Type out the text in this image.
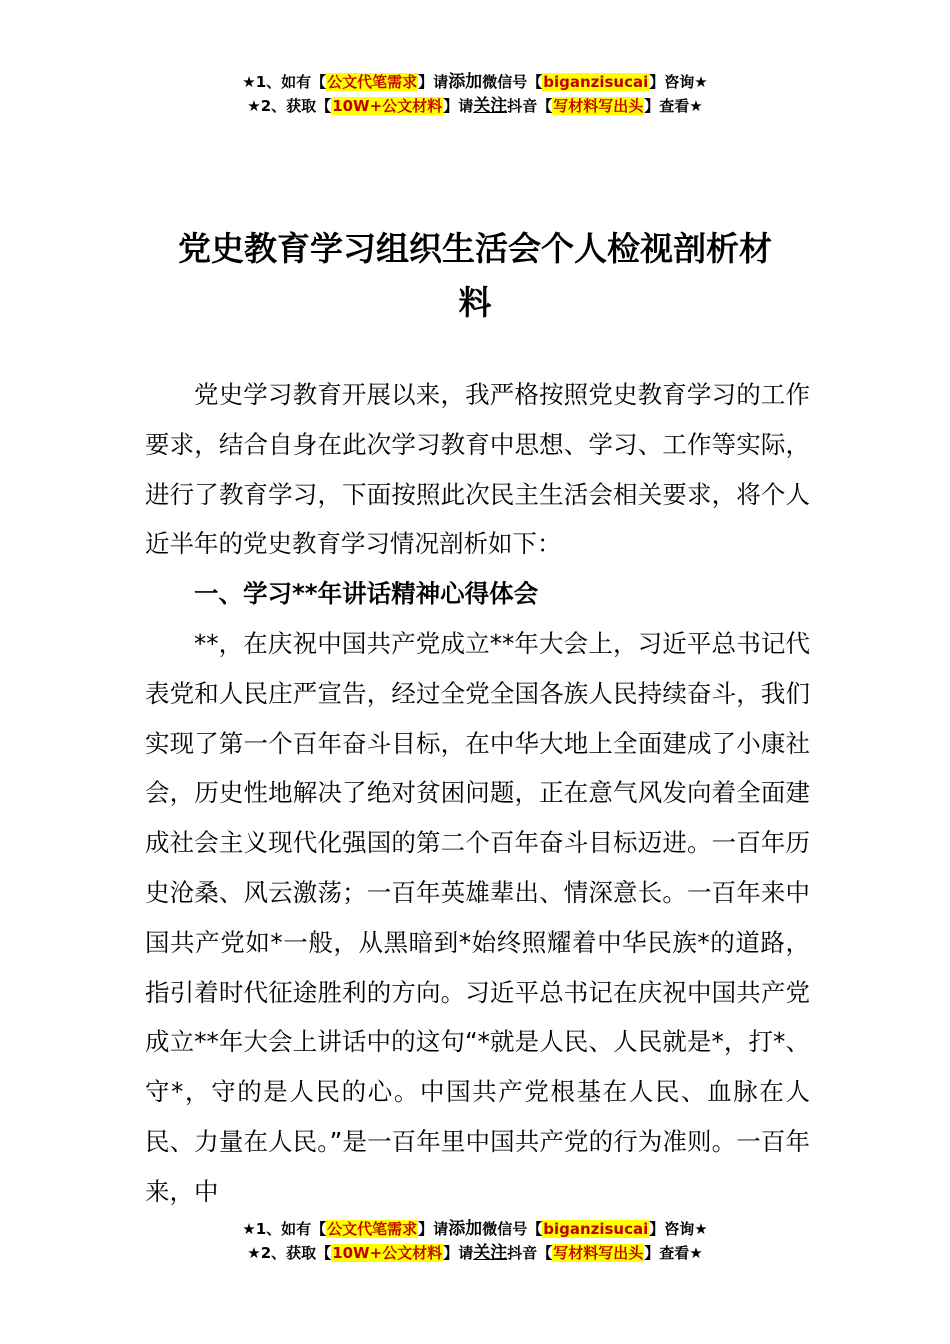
★1、如有【公文代笔需求】请添加微信号【biganzisucai】咨询★
★2、获取【10W+公文材料】请关注抖音【写材料写出头】查看★
党史教育学习组织生活会个人检视剖析材
料

党史学习教育开展以来，我严格按照党史教育学习的工作要求，结合自身在此次学习教育中思想、学习、工作等实际，进行了教育学习，下面按照此次民主生活会相关要求，将个人近半年的党史教育学习情况剖析如下：

一、学习**年讲话精神心得体会

**，在庆祝中国共产党成立**年大会上，习近平总书记代表党和人民庄严宣告，经过全党全国各族人民持续奋斗，我们实现了第一个百年奋斗目标，在中华大地上全面建成了小康社会，历史性地解决了绝对贫困问题，正在意气风发向着全面建成社会主义现代化强国的第二个百年奋斗目标迈进。一百年历史沧桑、风云激荡；一百年英雄辈出、情深意长。一百年来中国共产党如*一般，从黑暗到*始终照耀着中华民族*的道路，指引着时代征途胜利的方向。习近平总书记在庆祝中国共产党成立**年大会上讲话中的这句“*就是人民、人民就是*，打*、守*，守的是人民的心。中国共产党根基在人民、血脉在人民、力量在人民。”是一百年里中国共产党的行为准则。一百年来，中

★1、如有【公文代笔需求】请添加微信号【biganzisucai】咨询★
★2、获取【10W+公文材料】请关注抖音【写材料写出头】查看★
